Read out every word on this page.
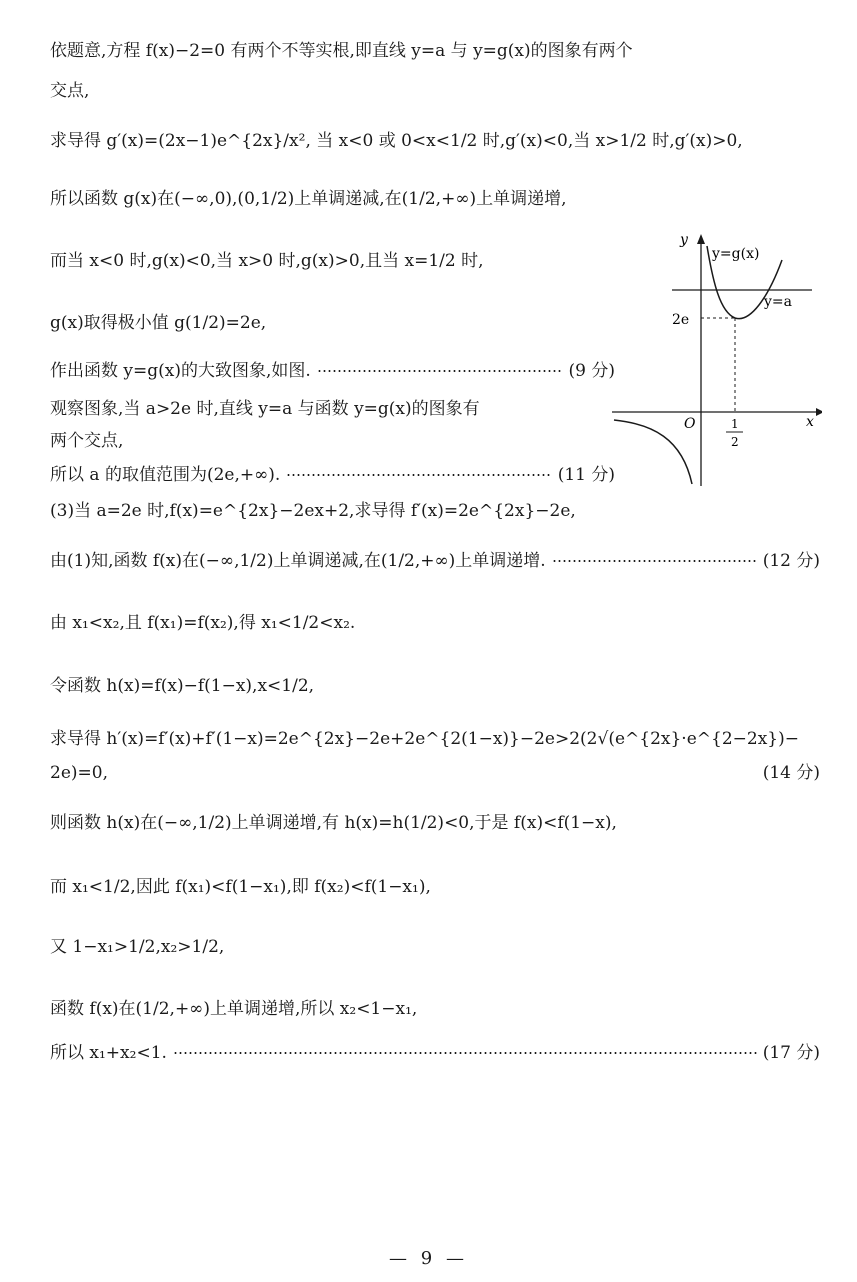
依题意,方程 f(x)−2=0 有两个不等实根,即直线 y=a 与 y=g(x)的图象有两个
交点,
求导得 g′(x)=(2x−1)e^{2x}/x², 当 x<0 或 0<x<1/2 时,g′(x)<0,当 x>1/2 时,g′(x)>0,
所以函数 g(x)在(−∞,0),(0,1/2)上单调递减,在(1/2,+∞)上单调递增,
而当 x<0 时,g(x)<0,当 x>0 时,g(x)>0,且当 x=1/2 时,
g(x)取得极小值 g(1/2)=2e,
作出函数 y=g(x)的大致图象,如图.	(9 分)
观察图象,当 a>2e 时,直线 y=a 与函数 y=g(x)的图象有
两个交点,
所以 a 的取值范围为(2e,+∞).	(11 分)
(3)当 a=2e 时,f(x)=e^{2x}−2ex+2,求导得 f′(x)=2e^{2x}−2e,
由(1)知,函数 f(x)在(−∞,1/2)上单调递减,在(1/2,+∞)上单调递增.	(12 分)
由 x₁<x₂,且 f(x₁)=f(x₂),得 x₁<1/2<x₂.
令函数 h(x)=f(x)−f(1−x),x<1/2,
求导得 h′(x)=f′(x)+f′(1−x)=2e^{2x}−2e+2e^{2(1−x)}−2e>2(2√(e^{2x}·e^{2−2x})−
2e)=0,	(14 分)
则函数 h(x)在(−∞,1/2)上单调递增,有 h(x)=h(1/2)<0,于是 f(x)<f(1−x),
而 x₁<1/2,因此 f(x₁)<f(1−x₁),即 f(x₂)<f(1−x₁),
又 1−x₁>1/2,x₂>1/2,
函数 f(x)在(1/2,+∞)上单调递增,所以 x₂<1−x₁,
所以 x₁+x₂<1.	(17 分)
y
x
O
y=g(x)
y=a
2e
1
2
— 9 —
